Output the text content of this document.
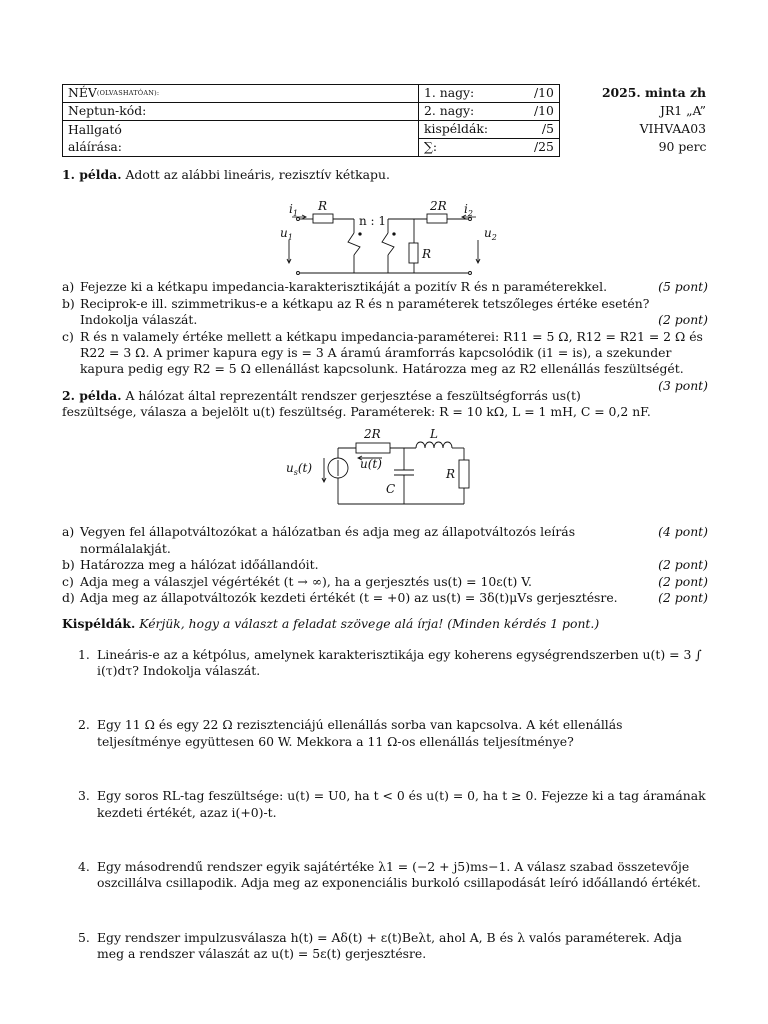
NÉV(OLVASHATÓAN):	1. nagy:	/10	2025. minta zh
Neptun-kód:	2. nagy:	/10	JR1 „A”
Hallgató	kispéldák:	/5	VIHVAA03
aláírása:	∑:	/25	90 perc

1. példa. Adott az alábbi lineáris, rezisztív kétkapu.

$i_1$
R
n : 1
2R $i_2$
$u_1$
R
$u_2$
a)	(5 pont)
Fejezze ki a kétkapu impedancia-karakterisztikáját a pozitív R és n paraméterekkel.
b) Reciprok-e ill. szimmetrikus-e a kétkapu az R és n paraméterek tetszőleges értéke esetén? Indokolja válaszát.	(2 pont)
c) R és n valamely értéke mellett a kétkapu impedancia-paraméterei: R11 = 5 Ω, R12 = R21 = 2 Ω és R22 = 3 Ω. A primer kapura egy is = 3 A áramú áramforrás kapcsolódik (i1 = is), a szekunder kapura pedig egy R2 = 5 Ω ellenállást kapcsolunk. Határozza meg az R2 ellenállás feszültségét.
(3 pont)

2. példa. A hálózat által reprezentált rendszer gerjesztése a feszültségforrás us(t) feszültsége, válasza a bejelölt u(t) feszültség. Paraméterek: R = 10 kΩ, L = 1 mH, C = 0,2 nF.

2R	L
u(t)
C
R
$u_s(t)$
a)	(4 pont)
Vegyen fel állapotváltozókat a hálózatban és adja meg az állapotváltozós leírás normálalakját.
b)	(2 pont)
Határozza meg a hálózat időállandóit.
c)	(2 pont)
Adja meg a válaszjel végértékét (t → ∞), ha a gerjesztés us(t) = 10ε(t) V.
d)	(2 pont)
Adja meg az állapotváltozók kezdeti értékét (t = +0) az us(t) = 3δ(t)μVs gerjesztésre.

Kispéldák. Kérjük, hogy a választ a feladat szövege alá írja! (Minden kérdés 1 pont.)

1. Lineáris-e az a kétpólus, amelynek karakterisztikája egy koherens egységrendszerben u(t) = 3 ∫ i(τ)dτ? Indokolja válaszát.
2. Egy 11 Ω és egy 22 Ω rezisztenciájú ellenállás sorba van kapcsolva. A két ellenállás teljesítménye együttesen 60 W. Mekkora a 11 Ω-os ellenállás teljesítménye?
3. Egy soros RL-tag feszültsége: u(t) = U0, ha t < 0 és u(t) = 0, ha t ≥ 0. Fejezze ki a tag áramának kezdeti értékét, azaz i(+0)-t.
4. Egy másodrendű rendszer egyik sajátértéke λ1 = (−2 + j5)ms−1. A válasz szabad összetevője oszcillálva csillapodik. Adja meg az exponenciális burkoló csillapodását leíró időállandó értékét.
5. Egy rendszer impulzusválasza h(t) = Aδ(t) + ε(t)Beλt, ahol A, B és λ valós paraméterek. Adja meg a rendszer válaszát az u(t) = 5ε(t) gerjesztésre.
